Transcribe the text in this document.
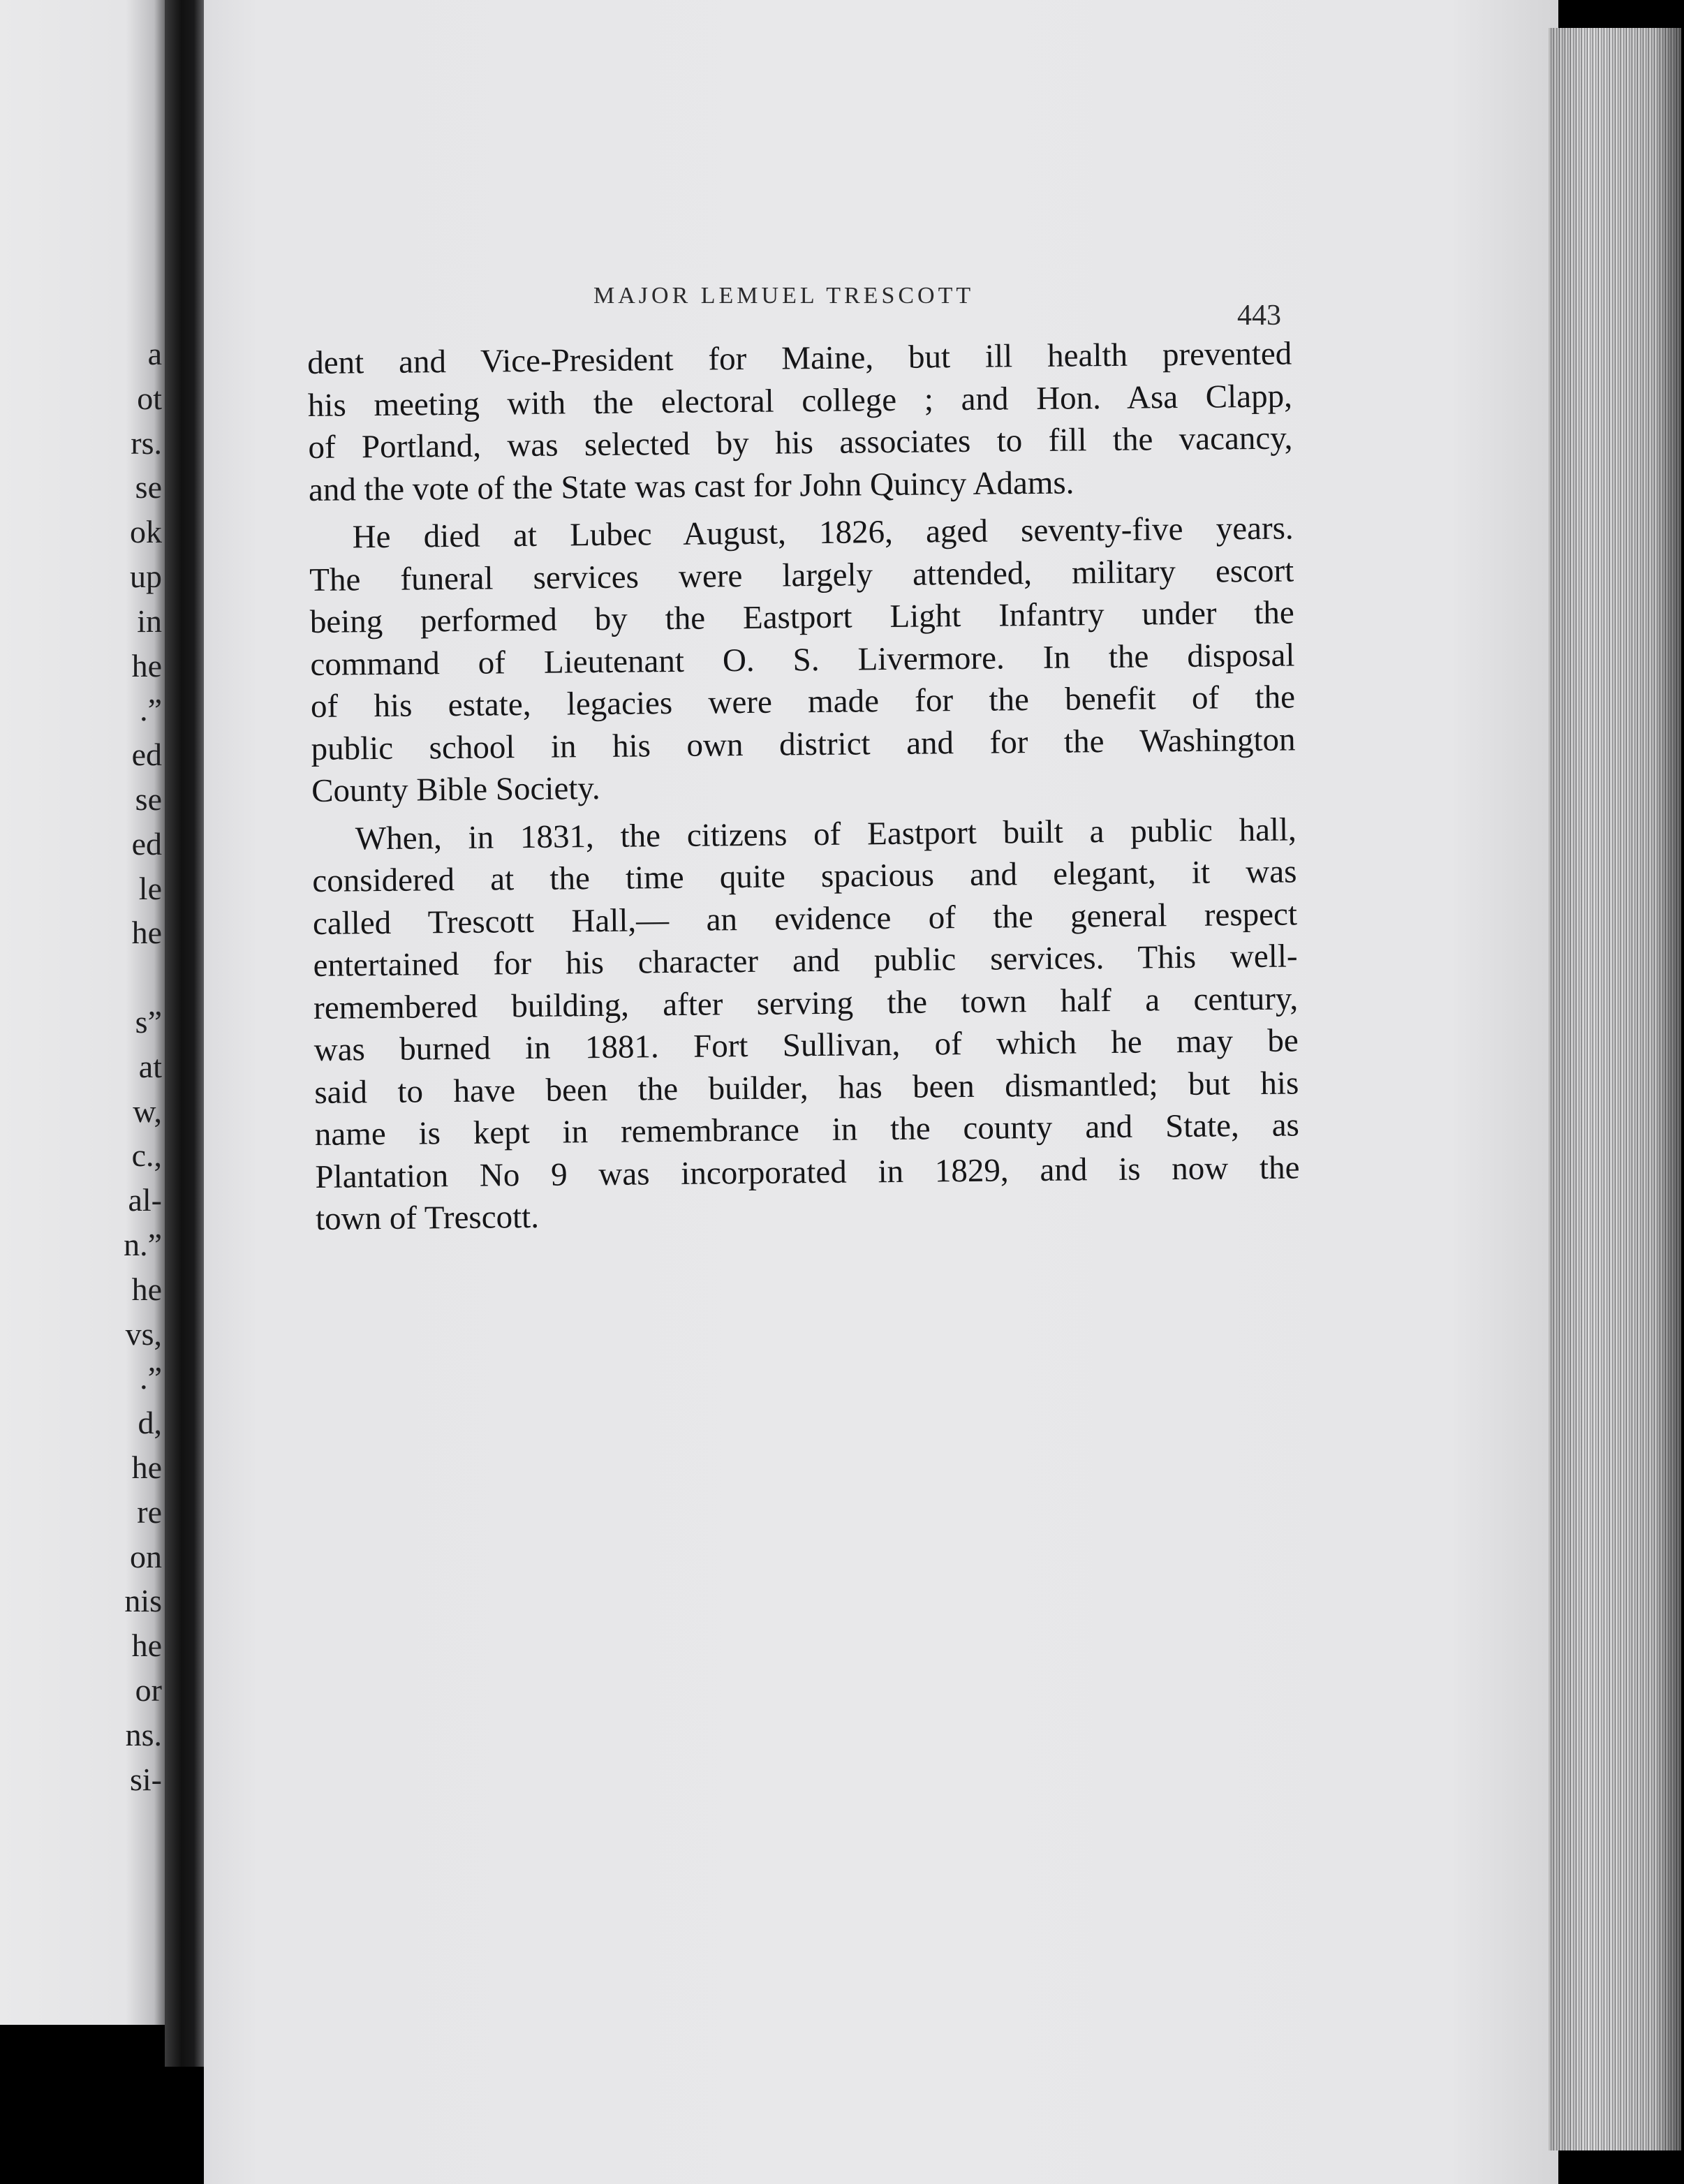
a
ot
rs.
se
ok
up
in
he
.”
ed
se
ed
le
he
s”
at
w,
c.,
al-
n.”
he
vs,
.”
d,
he
re
on
nis
he
or
ns.
si-
MAJOR LEMUEL TRESCOTT
443
dent and Vice-President for Maine, but ill health prevented
his meeting with the electoral college ; and Hon. Asa Clapp,
of Portland, was selected by his associates to fill the vacancy,
and the vote of the State was cast for John Quincy Adams.
He died at Lubec August, 1826, aged seventy-five years.
The funeral services were largely attended, military escort
being performed by the Eastport Light Infantry under the
command of Lieutenant O. S. Livermore. In the disposal
of his estate, legacies were made for the benefit of the
public school in his own district and for the Washington
County Bible Society.
When, in 1831, the citizens of Eastport built a public hall,
considered at the time quite spacious and elegant, it was
called Trescott Hall,— an evidence of the general respect
entertained for his character and public services. This well-
remembered building, after serving the town half a century,
was burned in 1881. Fort Sullivan, of which he may be
said to have been the builder, has been dismantled; but his
name is kept in remembrance in the county and State, as
Plantation No 9 was incorporated in 1829, and is now the
town of Trescott.
